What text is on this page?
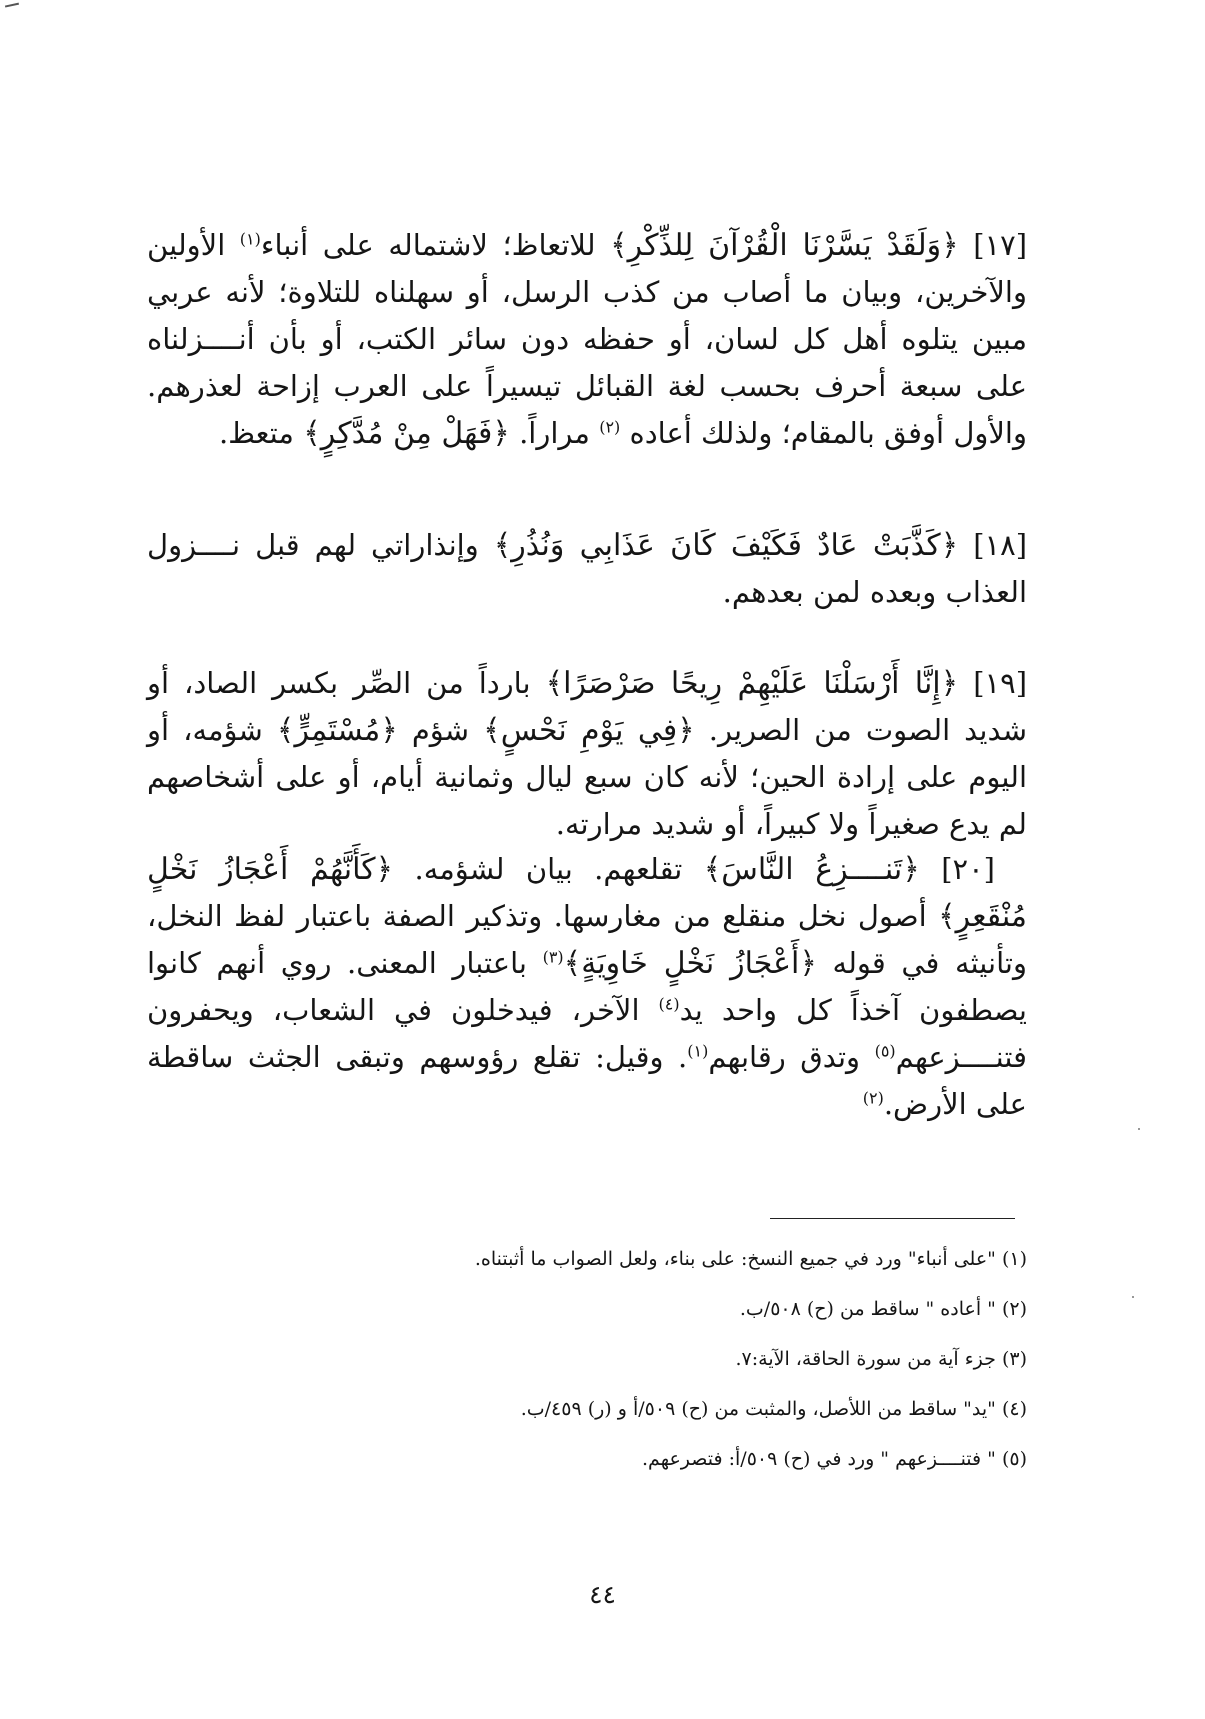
[١٧] ﴿وَلَقَدْ يَسَّرْنَا الْقُرْآنَ لِلذِّكْرِ﴾ للاتعاظ؛ لاشتماله على أنباء$^{(١)}$ الأولين والآخرين، وبيان ما أصاب من كذب الرسل، أو سهلناه للتلاوة؛ لأنه عربي مبين يتلوه أهل كل لسان، أو حفظه دون سائر الكتب، أو بأن أنــــزلناه على سبعة أحرف بحسب لغة القبائل تيسيراً على العرب إزاحة لعذرهم. والأول أوفق بالمقام؛ ولذلك أعاده $^{(٢)}$ مراراً. ﴿فَهَلْ مِنْ مُدَّكِرٍ﴾ متعظ.

[١٨] ﴿كَذَّبَتْ عَادٌ فَكَيْفَ كَانَ عَذَابِي وَنُذُرِ﴾ وإنذاراتي لهم قبل نــــزول العذاب وبعده لمن بعدهم.

[١٩] ﴿إِنَّا أَرْسَلْنَا عَلَيْهِمْ رِيحًا صَرْصَرًا﴾ بارداً من الصِّر بكسر الصاد، أو شديد الصوت من الصرير. ﴿فِي يَوْمِ نَحْسٍ﴾ شؤم ﴿مُسْتَمِرٍّ﴾ شؤمه، أو اليوم على إرادة الحين؛ لأنه كان سبع ليال وثمانية أيام، أو على أشخاصهم لم يدع صغيراً ولا كبيراً، أو شديد مرارته.

[٢٠] ﴿تَنــــزِعُ النَّاسَ﴾ تقلعهم. بيان لشؤمه. ﴿كَأَنَّهُمْ أَعْجَازُ نَخْلٍ مُنْقَعِرٍ﴾ أصول نخل منقلع من مغارسها. وتذكير الصفة باعتبار لفظ النخل، وتأنيثه في قوله ﴿أَعْجَازُ نَخْلٍ خَاوِيَةٍ﴾$^{(٣)}$ باعتبار المعنى. روي أنهم كانوا يصطفون آخذاً كل واحد يد$^{(٤)}$ الآخر، فيدخلون في الشعاب، ويحفرون فتنــــزعهم$^{(٥)}$ وتدق رقابهم$^{(١)}$. وقيل: تقلع رؤوسهم وتبقى الجثث ساقطة على الأرض.$^{(٢)}$

(١) "على أنباء" ورد في جميع النسخ: على بناء، ولعل الصواب ما أثبتناه.
(٢) " أعاده " ساقط من (ح) ٥٠٨/ب.
(٣) جزء آية من سورة الحاقة، الآية:٧.
(٤) "يد" ساقط من اللأصل، والمثبت من (ح) ٥٠٩/أ و (ر) ٤٥٩/ب.
(٥) " فتنــــزعهم " ورد في (ح) ٥٠٩/أ: فتصرعهم.
٤٤
